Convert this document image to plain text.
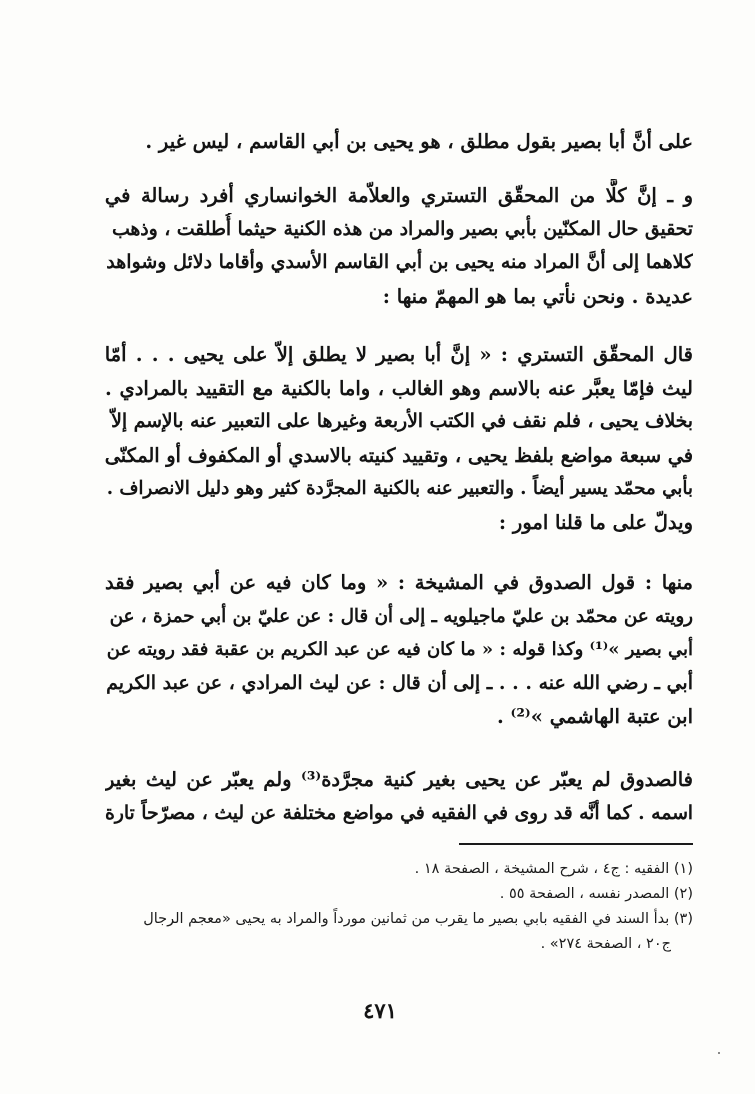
على أنَّ أبا بصير بقول مطلق ، هو يحيى بن أبي القاسم ، ليس غير .
و ـ إنَّ كلًّا من المحقّق التستري والعلاّمة الخوانساري أفرد رسالة في
تحقيق حال المكنّين بأبي بصير والمراد من هذه الكنية حيثما أُطلقت ، وذهب
كلاهما إلى أنَّ المراد منه يحيى بن أبي القاسم الأسدي وأقاما دلائل وشواهد
عديدة . ونحن نأتي بما هو المهمّ منها :
قال المحقّق التستري : « إنَّ أبا بصير لا يطلق إلاّ على يحيى . . . أمّا
ليث فإمّا يعبَّر عنه بالاسم وهو الغالب ، واما بالكنية مع التقييد بالمرادي .
بخلاف يحيى ، فلم نقف في الكتب الأربعة وغيرها على التعبير عنه بالإسم إلاّ
في سبعة مواضع بلفظ يحيى ، وتقييد كنيته بالاسدي أو المكفوف أو المكنّى
بأبي محمّد يسير أيضاً . والتعبير عنه بالكنية المجرَّدة كثير وهو دليل الانصراف .
ويدلّ على ما قلنا امور :
منها : قول الصدوق في المشيخة : « وما كان فيه عن أبي بصير فقد
رويته عن محمّد بن عليّ ماجيلويه ـ إلى أن قال : عن عليّ بن أبي حمزة ، عن
أبي بصير »⁽¹⁾ وكذا قوله : « ما كان فيه عن عبد الكريم بن عقبة فقد رويته عن
أبي ـ رضي الله عنه . . . ـ إلى أن قال : عن ليث المرادي ، عن عبد الكريم
ابن عتبة الهاشمي »⁽²⁾ .
فالصدوق لم يعبّر عن يحيى بغير كنية مجرَّدة⁽³⁾ ولم يعبّر عن ليث بغير
اسمه . كما أنَّه قد روى في الفقيه في مواضع مختلفة عن ليث ، مصرّحاً تارة
(١) الفقيه : ج٤ ، شرح المشيخة ، الصفحة ١٨ .
(٢) المصدر نفسه ، الصفحة ٥٥ .
(٣) بدأ السند في الفقيه بابي بصير ما يقرب من ثمانين مورداً والمراد به يحيى «معجم الرجال
ج٢٠ ، الصفحة ٢٧٤» .
٤٧١
